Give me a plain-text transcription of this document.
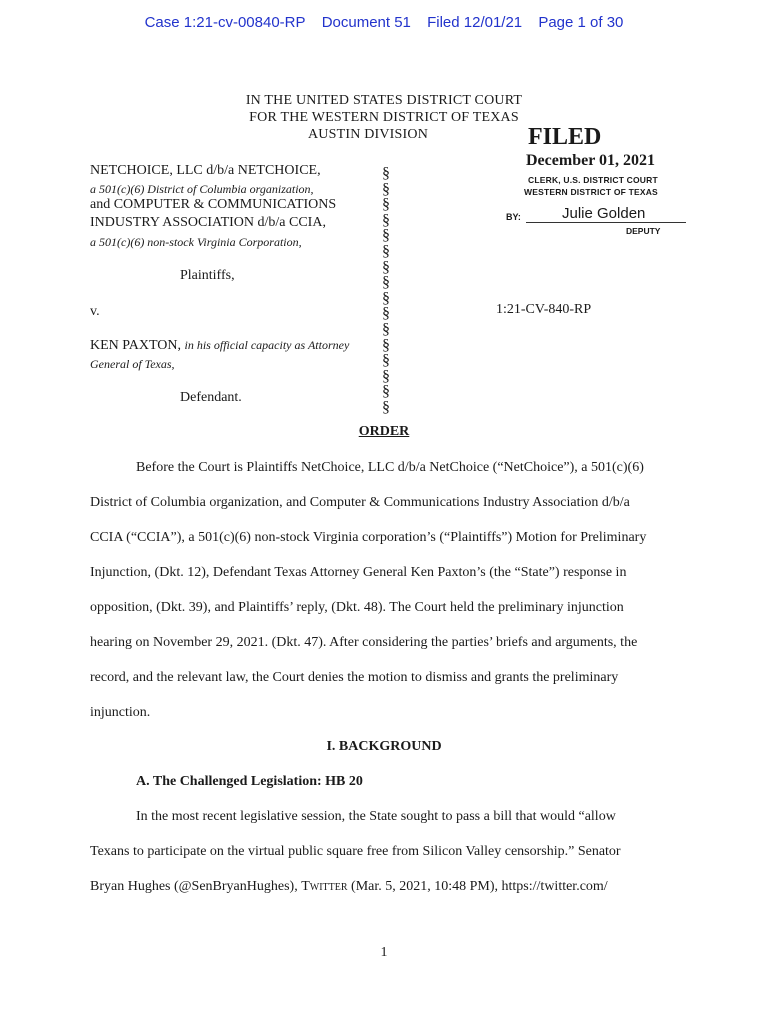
Case 1:21-cv-00840-RP Document 51 Filed 12/01/21 Page 1 of 30
IN THE UNITED STATES DISTRICT COURT
FOR THE WESTERN DISTRICT OF TEXAS
AUSTIN DIVISION	FILED
December 01, 2021
CLERK, U.S. DISTRICT COURT
WESTERN DISTRICT OF TEXAS
BY:	Julie Golden
DEPUTY
NETCHOICE, LLC d/b/a NETCHOICE,
a 501(c)(6) District of Columbia organization,
and COMPUTER & COMMUNICATIONS
INDUSTRY ASSOCIATION d/b/a CCIA,
a 501(c)(6) non-stock Virginia Corporation,
Plaintiffs,
v.	1:21-CV-840-RP
KEN PAXTON, in his official capacity as Attorney
General of Texas,
Defendant.
§
§
§
§
§
§
§
§
§
§
§
§
§
§
§
§
ORDER
Before the Court is Plaintiffs NetChoice, LLC d/b/a NetChoice (“NetChoice”), a 501(c)(6)
District of Columbia organization, and Computer & Communications Industry Association d/b/a
CCIA (“CCIA”), a 501(c)(6) non-stock Virginia corporation’s (“Plaintiffs”) Motion for Preliminary
Injunction, (Dkt. 12), Defendant Texas Attorney General Ken Paxton’s (the “State”) response in
opposition, (Dkt. 39), and Plaintiffs’ reply, (Dkt. 48). The Court held the preliminary injunction
hearing on November 29, 2021. (Dkt. 47). After considering the parties’ briefs and arguments, the
record, and the relevant law, the Court denies the motion to dismiss and grants the preliminary
injunction.
I. BACKGROUND
A. The Challenged Legislation: HB 20
In the most recent legislative session, the State sought to pass a bill that would “allow
Texans to participate on the virtual public square free from Silicon Valley censorship.” Senator
Bryan Hughes (@SenBryanHughes), Twitter (Mar. 5, 2021, 10:48 PM), https://twitter.com/
1
